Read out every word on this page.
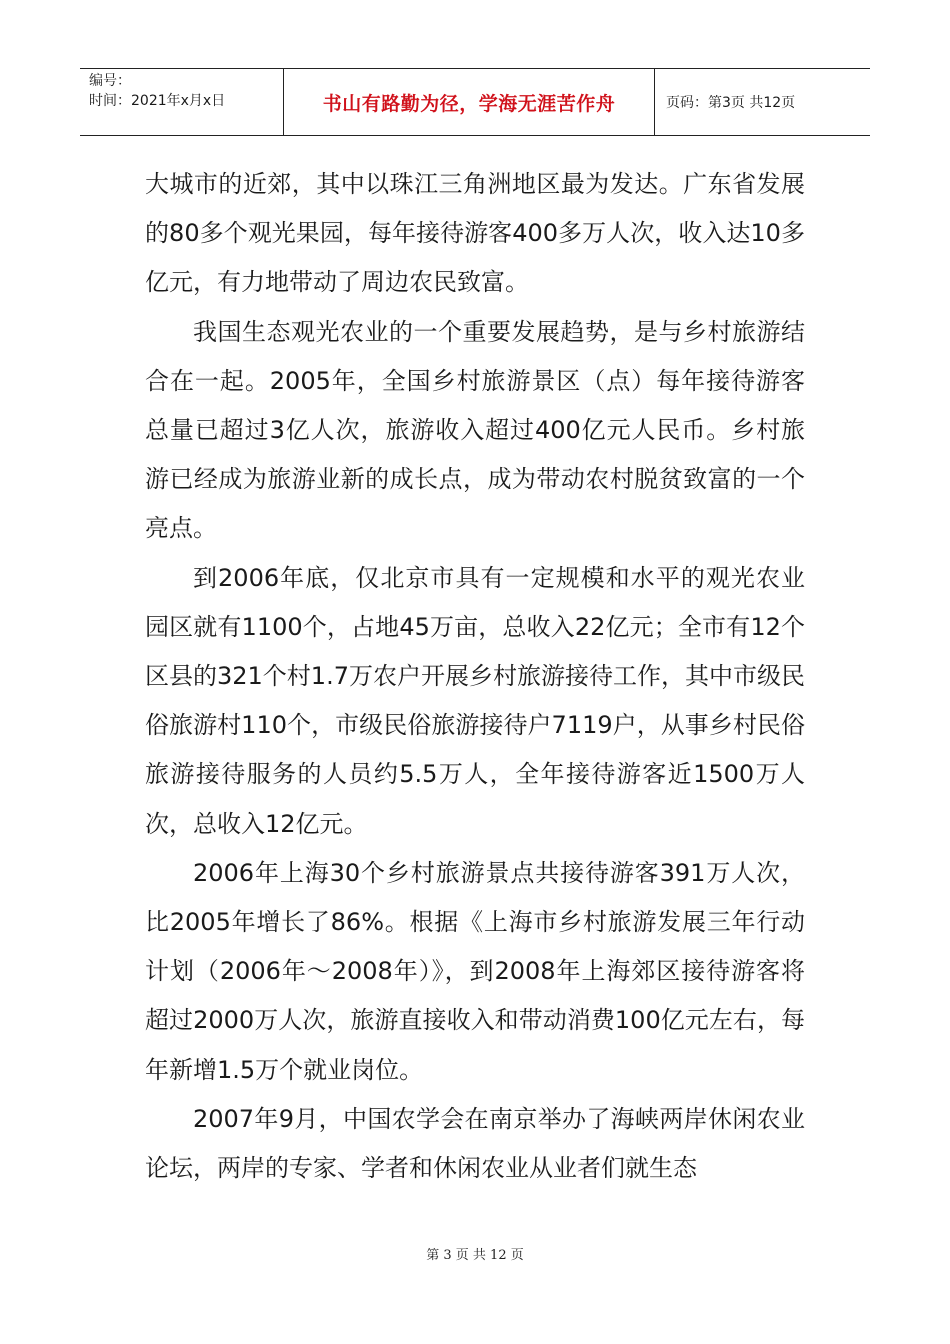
编号：
时间：2021年x月x日	书山有路勤为径，学海无涯苦作舟	页码：第3页 共12页

大城市的近郊，其中以珠江三角洲地区最为发达。广东省发展的80多个观光果园，每年接待游客400多万人次，收入达10多亿元，有力地带动了周边农民致富。

我国生态观光农业的一个重要发展趋势，是与乡村旅游结合在一起。2005年，全国乡村旅游景区（点）每年接待游客总量已超过3亿人次，旅游收入超过400亿元人民币。乡村旅游已经成为旅游业新的成长点，成为带动农村脱贫致富的一个亮点。

到2006年底，仅北京市具有一定规模和水平的观光农业园区就有1100个，占地45万亩，总收入22亿元；全市有12个区县的321个村1.7万农户开展乡村旅游接待工作，其中市级民俗旅游村110个，市级民俗旅游接待户7119户，从事乡村民俗旅游接待服务的人员约5.5万人，全年接待游客近1500万人次，总收入12亿元。

2006年上海30个乡村旅游景点共接待游客391万人次，比2005年增长了86%。根据《上海市乡村旅游发展三年行动计划（2006年～2008年）》，到2008年上海郊区接待游客将超过2000万人次，旅游直接收入和带动消费100亿元左右，每年新增1.5万个就业岗位。

2007年9月，中国农学会在南京举办了海峡两岸休闲农业论坛，两岸的专家、学者和休闲农业从业者们就生态

第 3 页 共 12 页
